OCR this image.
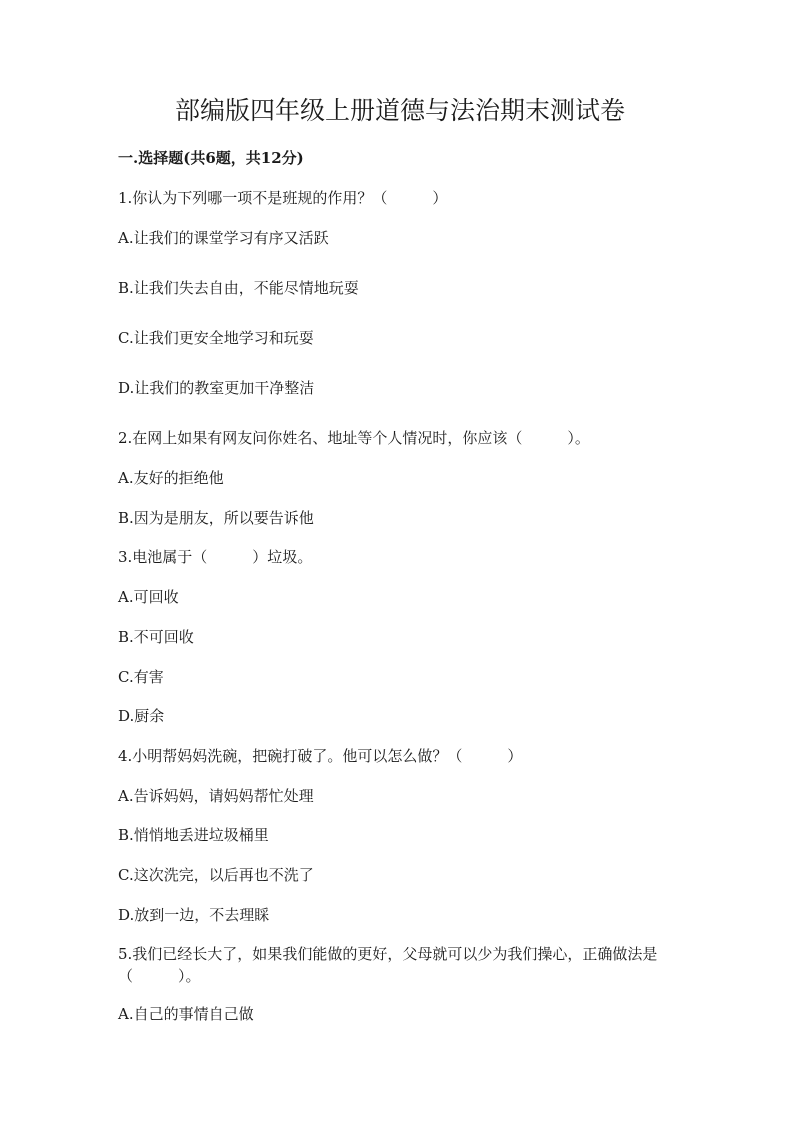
部编版四年级上册道德与法治期末测试卷
一.选择题(共6题，共12分)
1.你认为下列哪一项不是班规的作用？（　　　）
A.让我们的课堂学习有序又活跃
B.让我们失去自由，不能尽情地玩耍
C.让我们更安全地学习和玩耍
D.让我们的教室更加干净整洁
2.在网上如果有网友问你姓名、地址等个人情况时，你应该（　　　）。
A.友好的拒绝他
B.因为是朋友，所以要告诉他
3.电池属于（　　　）垃圾。
A.可回收
B.不可回收
C.有害
D.厨余
4.小明帮妈妈洗碗，把碗打破了。他可以怎么做？（　　　）
A.告诉妈妈，请妈妈帮忙处理
B.悄悄地丢进垃圾桶里
C.这次洗完，以后再也不洗了
D.放到一边，不去理睬
5.我们已经长大了，如果我们能做的更好，父母就可以少为我们操心，正确做法是（　　　）。
A.自己的事情自己做
